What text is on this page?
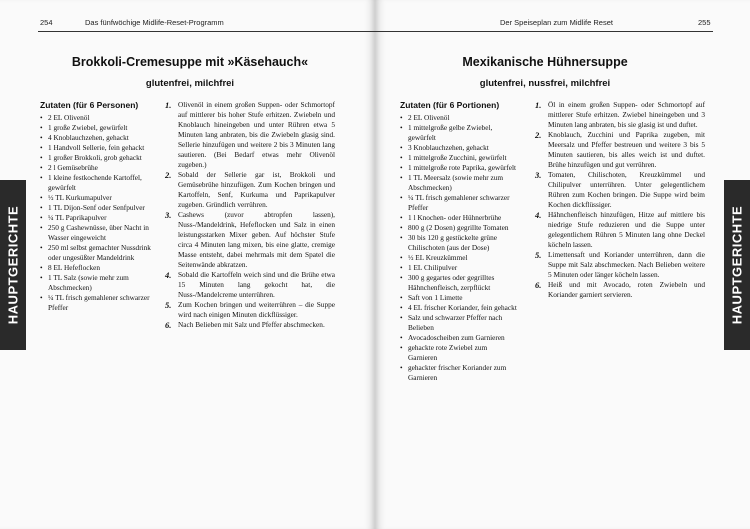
254	Das fünfwöchige Midlife-Reset-Programm
HAUPTGERICHTE
Brokkoli-Cremesuppe mit »Käsehauch«
glutenfrei, milchfrei
Zutaten (für 6 Personen)
• 2 EL Olivenöl
• 1 große Zwiebel, gewürfelt
• 4 Knoblauchzehen, gehackt
• 1 Handvoll Sellerie, fein gehackt
• 1 großer Brokkoli, grob gehackt
• 2 l Gemüsebrühe
• 1 kleine festkochende Kartoffel, gewürfelt
• ½ TL Kurkumapulver
• 1 TL Dijon-Senf oder Senfpulver
• ¼ TL Paprikapulver
• 250 g Cashewnüsse, über Nacht in Wasser eingeweicht
• 250 ml selbst gemachter Nussdrink oder ungesüßter Mandeldrink
• 8 EL Hefeflocken
• 1 TL Salz (sowie mehr zum Abschmecken)
• ¼ TL frisch gemahlener schwarzer Pfeffer
1. Olivenöl in einem großen Suppen- oder Schmortopf auf mittlerer bis hoher Stufe erhitzen. Zwiebeln und Knoblauch hineingeben und unter Rühren etwa 5 Minuten lang anbraten, bis die Zwiebeln glasig sind. Sellerie hinzufügen und weitere 2 bis 3 Minuten lang sautieren. (Bei Bedarf etwas mehr Olivenöl zugeben.)
2. Sobald der Sellerie gar ist, Brokkoli und Gemüsebrühe hinzufügen. Zum Kochen bringen und Kartoffeln, Senf, Kurkuma und Paprikapulver zugeben. Gründlich verrühren.
3. Cashews (zuvor abtropfen lassen), Nuss-/Mandeldrink, Hefeflocken und Salz in einen leistungsstarken Mixer geben. Auf höchster Stufe circa 4 Minuten lang mixen, bis eine glatte, cremige Masse entsteht, dabei mehrmals mit dem Spatel die Seitenwände abkratzen.
4. Sobald die Kartoffeln weich sind und die Brühe etwa 15 Minuten lang gekocht hat, die Nuss-/Mandelcreme unterrühren.
5. Zum Kochen bringen und weiterrühren – die Suppe wird nach einigen Minuten dickflüssiger.
6. Nach Belieben mit Salz und Pfeffer abschmecken.
Der Speiseplan zum Midlife Reset	255
HAUPTGERICHTE
Mexikanische Hühnersuppe
glutenfrei, nussfrei, milchfrei
Zutaten (für 6 Portionen)
• 2 EL Olivenöl
• 1 mittelgroße gelbe Zwiebel, gewürfelt
• 3 Knoblauchzehen, gehackt
• 1 mittelgroße Zucchini, gewürfelt
• 1 mittelgroße rote Paprika, gewürfelt
• 1 TL Meersalz (sowie mehr zum Abschmecken)
• ¼ TL frisch gemahlener schwarzer Pfeffer
• 1 l Knochen- oder Hühnerbrühe
• 800 g (2 Dosen) gegrillte Tomaten
• 30 bis 120 g gestückelte grüne Chilischoten (aus der Dose)
• ½ EL Kreuzkümmel
• 1 EL Chilipulver
• 300 g gegartes oder gegrilltes Hähnchenfleisch, zerpflückt
• Saft von 1 Limette
• 4 EL frischer Koriander, fein gehackt
• Salz und schwarzer Pfeffer nach Belieben
• Avocadoscheiben zum Garnieren
• gehackte rote Zwiebel zum Garnieren
• gehackter frischer Koriander zum Garnieren
1. Öl in einem großen Suppen- oder Schmortopf auf mittlerer Stufe erhitzen. Zwiebel hineingeben und 3 Minuten lang anbraten, bis sie glasig ist und duftet.
2. Knoblauch, Zucchini und Paprika zugeben, mit Meersalz und Pfeffer bestreuen und weitere 3 bis 5 Minuten sautieren, bis alles weich ist und duftet. Brühe hinzufügen und gut verrühren.
3. Tomaten, Chilischoten, Kreuzkümmel und Chilipulver unterrühren. Unter gelegentlichem Rühren zum Kochen bringen. Die Suppe wird beim Kochen dickflüssiger.
4. Hähnchenfleisch hinzufügen, Hitze auf mittlere bis niedrige Stufe reduzieren und die Suppe unter gelegentlichem Rühren 5 Minuten lang ohne Deckel köcheln lassen.
5. Limettensaft und Koriander unterrühren, dann die Suppe mit Salz abschmecken. Nach Belieben weitere 5 Minuten oder länger köcheln lassen.
6. Heiß und mit Avocado, roten Zwiebeln und Koriander garniert servieren.
